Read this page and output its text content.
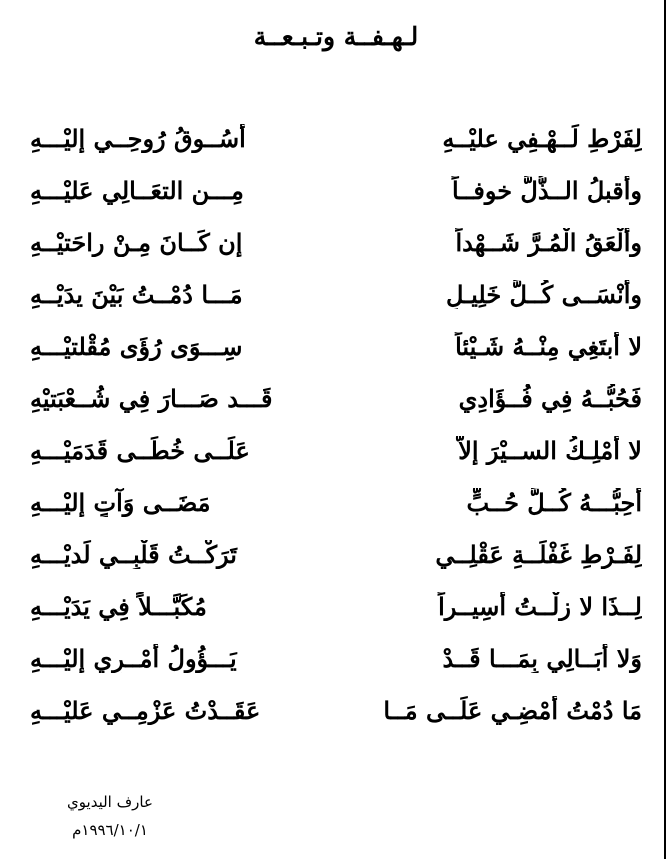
لـهـفــة وتـبـعــة
لِفَرْطِ لَــهْـفِي عليْــهِ
أَسُــوقُ رُوحِــي إِليْـــهِ
وأقبلُ الــذُّلَّ خوفــاً
مِـــن التعَــالِي عَليْـــهِ
وأَلْعَقُ الْمُـرَّ شَــهْداً
إِن كَــانَ مِـنْ راحَتيْــهِ
وأَنْسَــى كُــلَّ خَلِيـلٍ
مَـــا دُمْــتُ بَيْنَ يدَيْــهِ
لا أَبتَغِي مِنْــهُ شَـيْئاً
سِـــوَى رُؤَى مُقْلتيْـــهِ
فَحُبُّــهُ فِي فُــؤَادِي
قَـــد صَـــارَ فِي شُــعْبَتيْهِ
لا أَمْلِـكُ الســيْرَ إِلاَّ
عَلَــى خُطَــى قَدَمَيْـــهِ
أُحِبُّـــهُ كُــلَّ حُــبٍّ
مَضَــى وَآتٍ إِليْـــهِ
لِفَـرْطِ غَفْلَــةِ عَقْلِــي
تَرَكْــتُ قَلْبِــي لَديْـــهِ
لِــذَا لا زِلْــتُ أَسِيــراً
مُكَبَّـــلاً فِي يَدَيْـــهِ
وَلا أُبَــالِي بِمَـــا قَــدْ
يَـــؤُولُ أَمْــرِي إِليْـــهِ
مَا دُمْتُ أَمْضِـي عَلَــى مَــا
عَقَــدْتُ عَزْمِــي عَليْـــهِ
عارف اليديوي
١٩٩٦/١٠/١م
